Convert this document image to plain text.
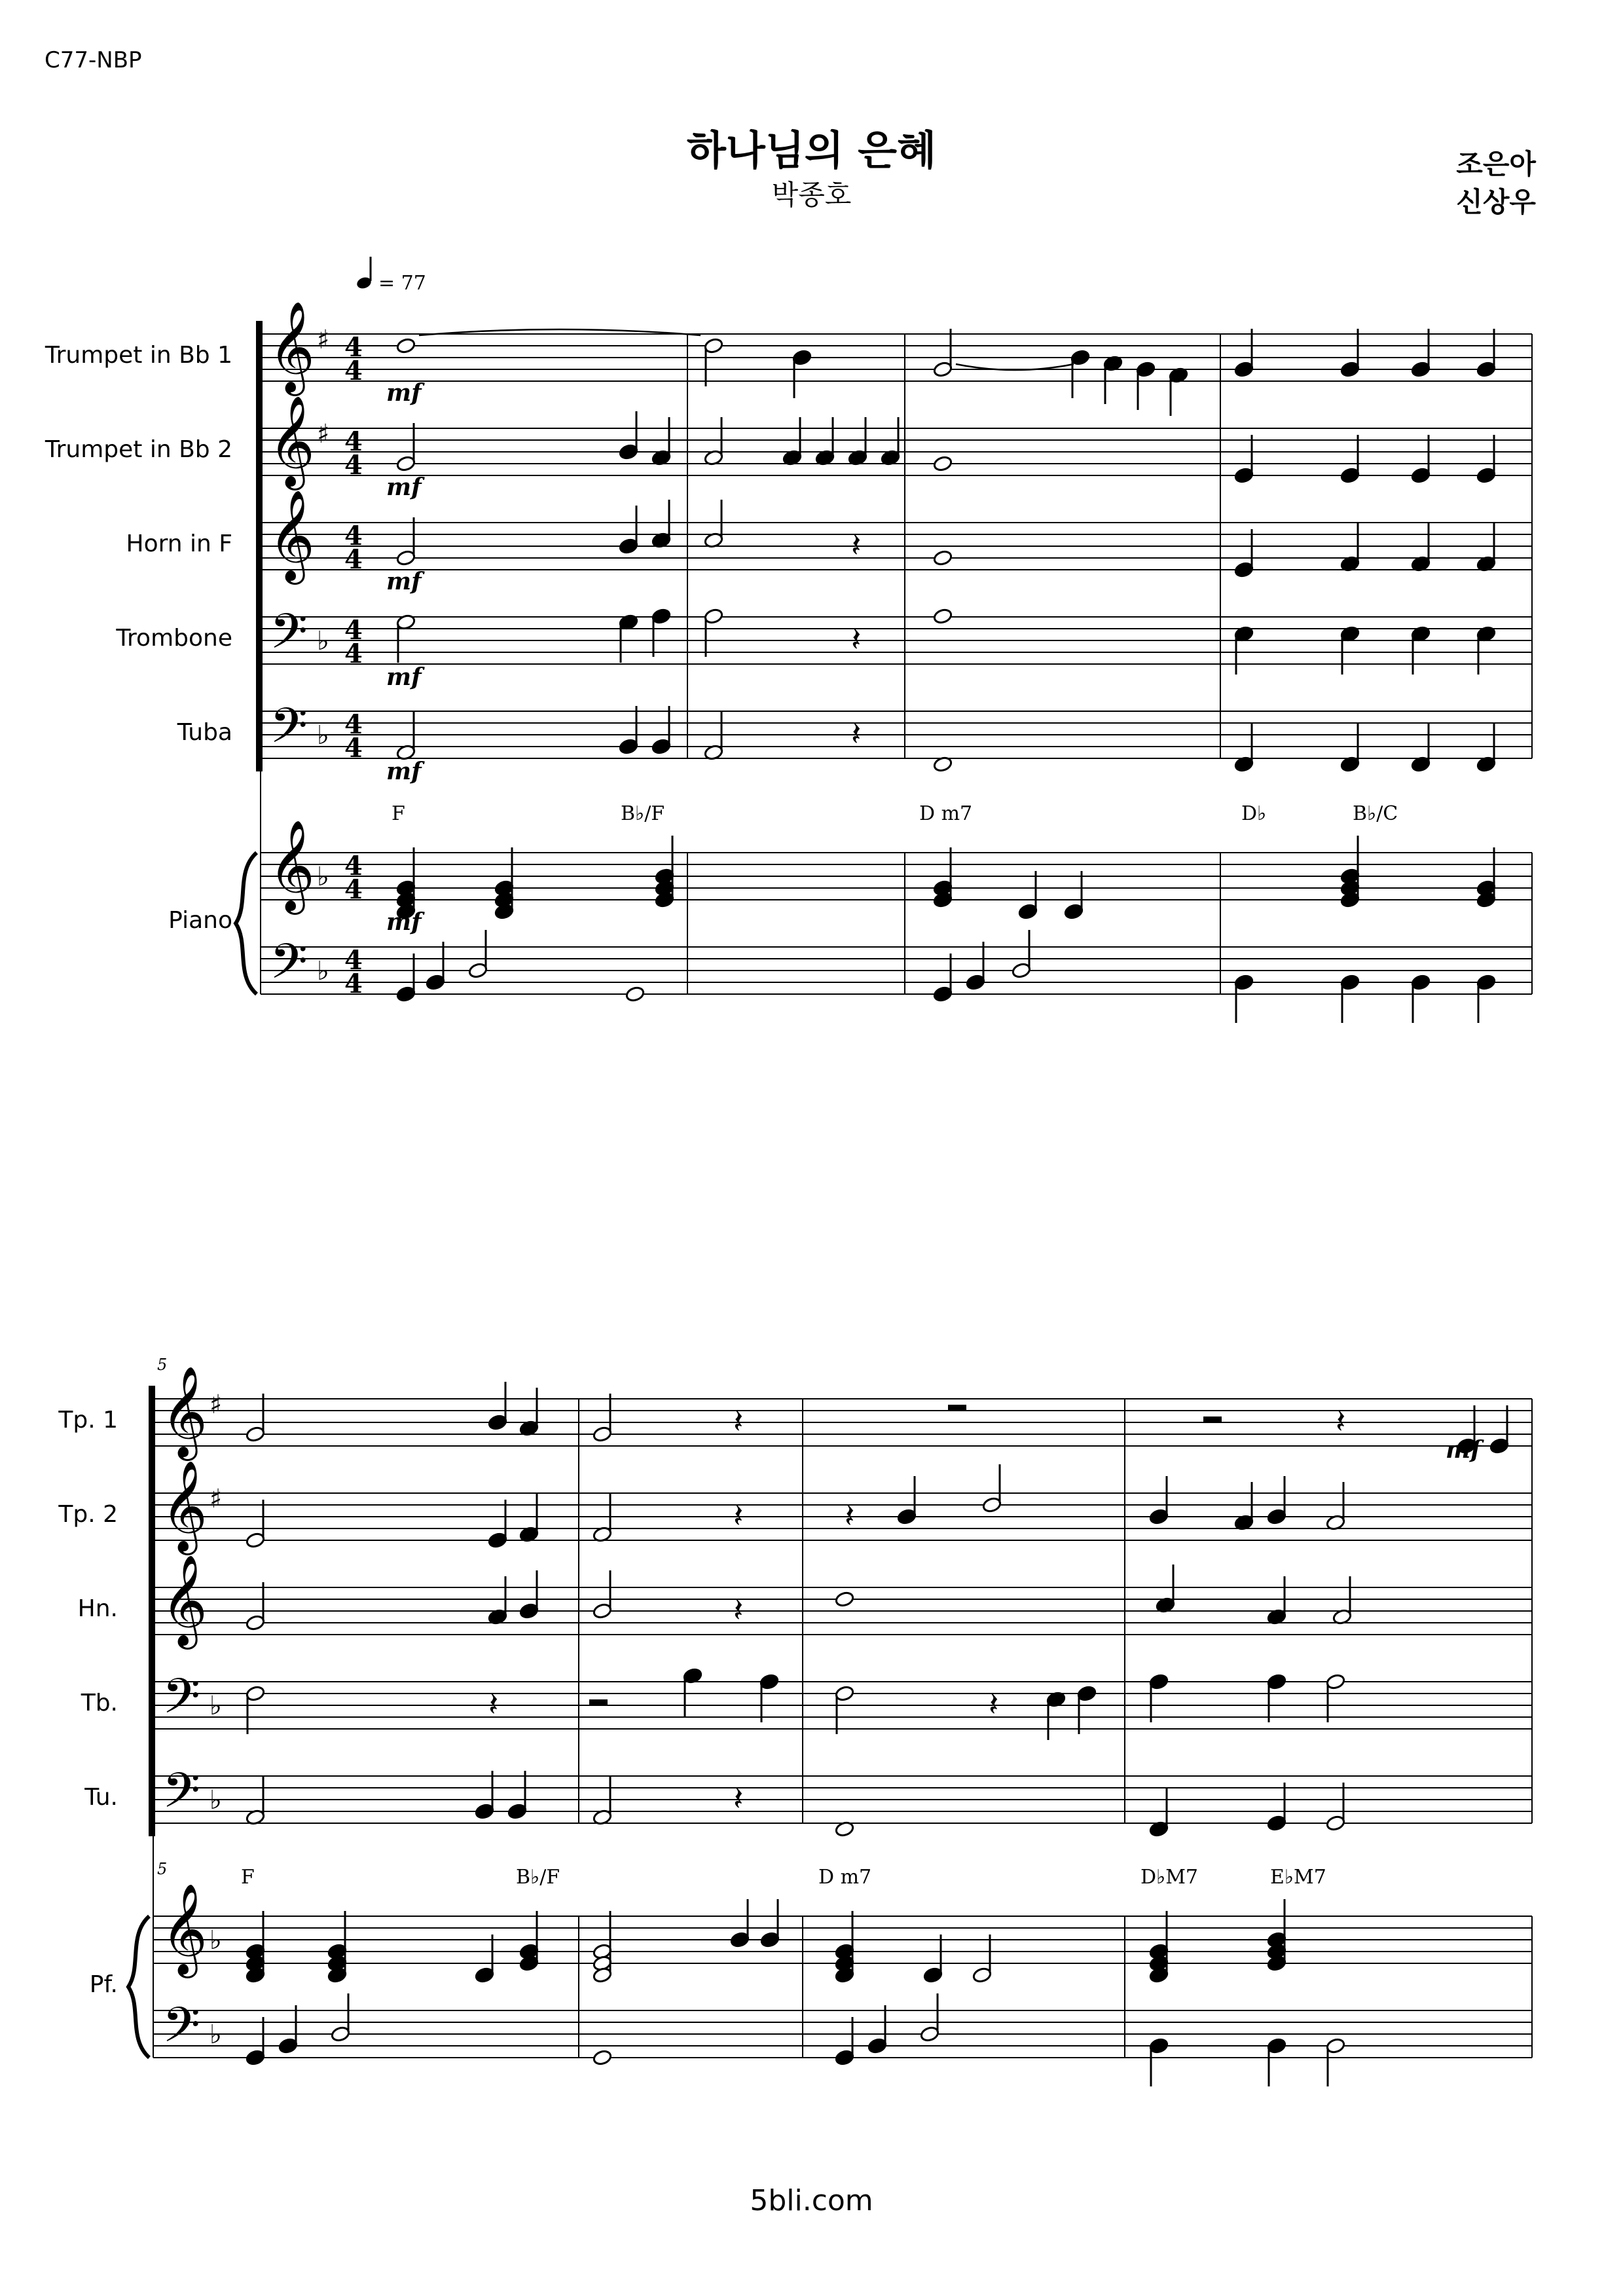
C77-NBP
하나님의 은혜
박종호
조은아
신상우
Trumpet in Bb 1
Trumpet in Bb 2
Horn in F
Trombone
Tuba
Piano
Tp. 1
Tp. 2
Hn.
Tb.
Tu.
Pf.
= 77
𝄞 ♯ 4
4
𝄞 ♯ 4
4
𝄞 4
4
𝄢 ♭ 4
4
𝄢 ♭ 4
4
𝄞 ♭ 4
4
𝄢 ♭ 4
4
𝄽
𝄽
𝄽
𝄞 ♯
𝄞 ♯
𝄞
𝄢 ♭
𝄢 ♭
𝄞 ♭
𝄢 ♭
𝄽	𝄽
𝄽	𝄽
𝄽
𝄽	𝄽
𝄽
mf
mf
mf
mf
mf
mf
mf
F	B♭/F	D m7	D♭	B♭/C
F	B♭/F	D m7	D♭M7	E♭M7
5
5
5bli.com
